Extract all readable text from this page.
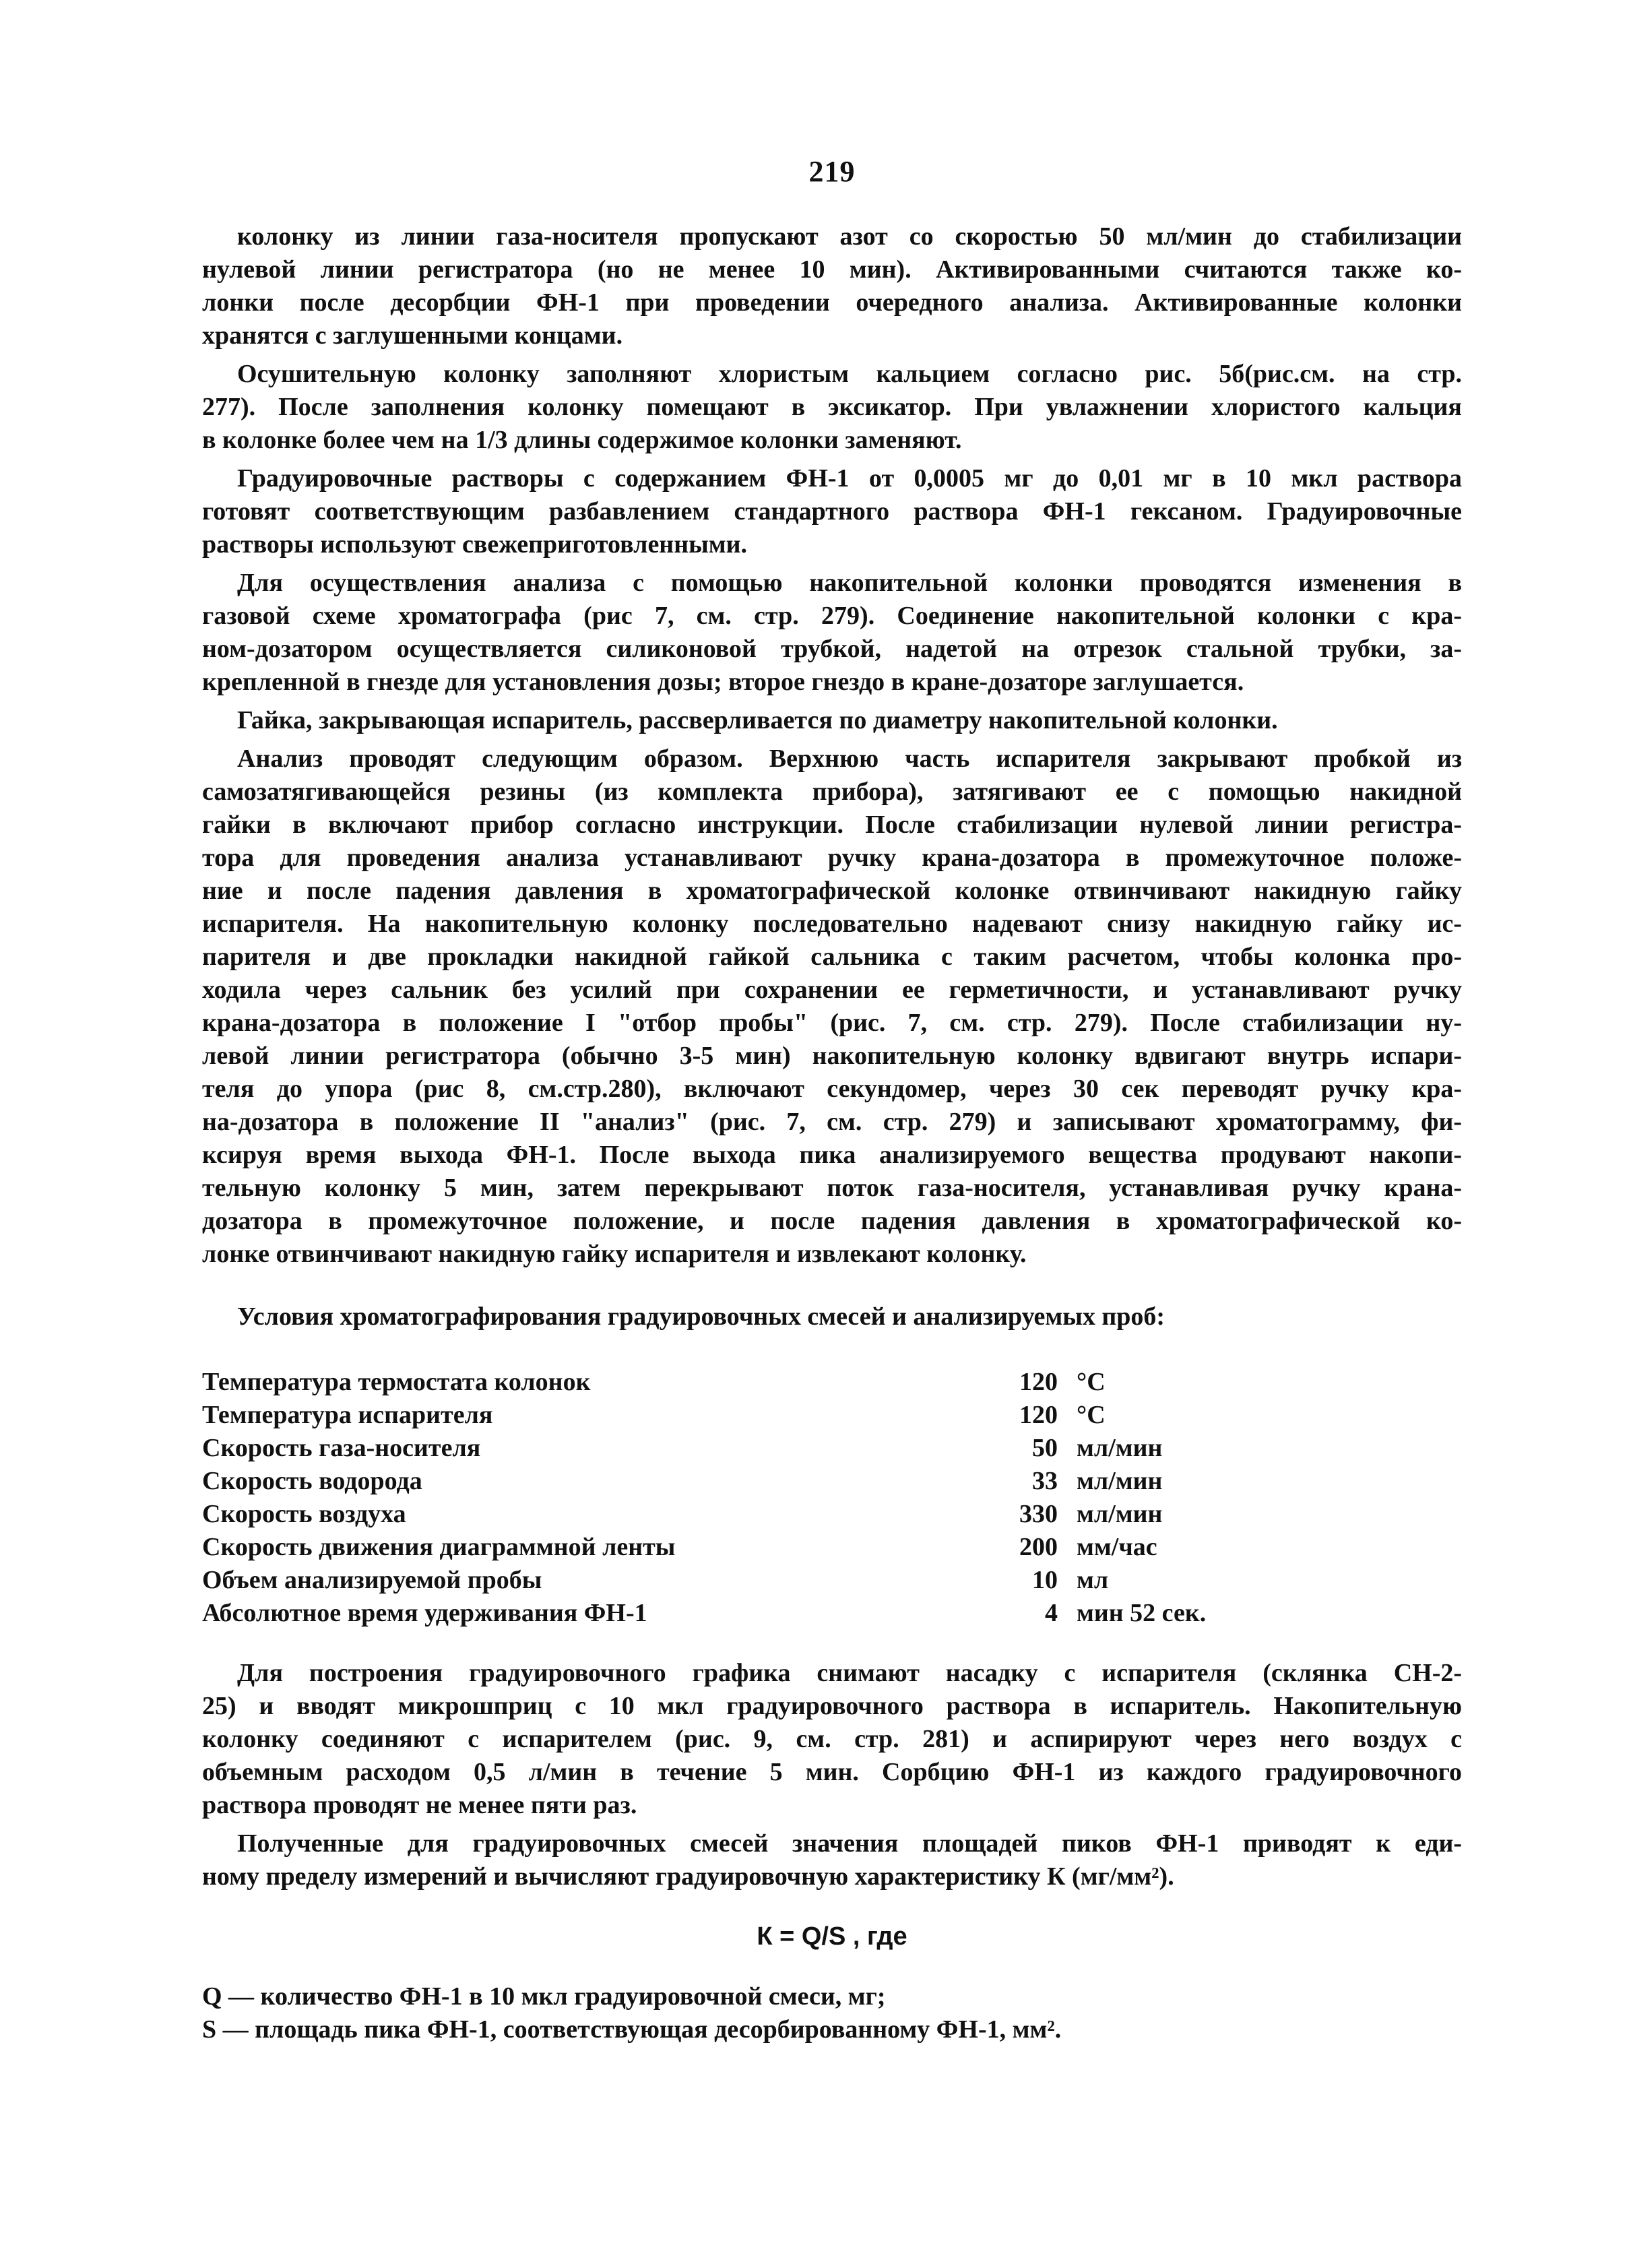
219
колонку из линии газа-носителя пропускают азот со скоростью 50 мл/мин до стабилизации
нулевой линии регистратора (но не менее 10 мин). Активированными считаются также ко-
лонки после десорбции ФН-1 при проведении очередного анализа. Активированные колонки
хранятся с заглушенными концами.
Осушительную колонку заполняют хлористым кальцием согласно рис. 5б(рис.см. на стр.
277). После заполнения колонку помещают в эксикатор. При увлажнении хлористого кальция
в колонке более чем на 1/3 длины содержимое колонки заменяют.
Градуировочные растворы с содержанием ФН-1 от 0,0005 мг до 0,01 мг в 10 мкл раствора
готовят соответствующим разбавлением стандартного раствора ФН-1 гексаном. Градуировочные
растворы используют свежеприготовленными.
Для осуществления анализа с помощью накопительной колонки проводятся изменения в
газовой схеме хроматографа (рис 7, см. стр. 279). Соединение накопительной колонки с кра-
ном-дозатором осуществляется силиконовой трубкой, надетой на отрезок стальной трубки, за-
крепленной в гнезде для установления дозы; второе гнездо в кране-дозаторе заглушается.
Гайка, закрывающая испаритель, рассверливается по диаметру накопительной колонки.
Анализ проводят следующим образом. Верхнюю часть испарителя закрывают пробкой из
самозатягивающейся резины (из комплекта прибора), затягивают ее с помощью накидной
гайки в включают прибор согласно инструкции. После стабилизации нулевой линии регистра-
тора для проведения анализа устанавливают ручку крана-дозатора в промежуточное положе-
ние и после падения давления в хроматографической колонке отвинчивают накидную гайку
испарителя. На накопительную колонку последовательно надевают снизу накидную гайку ис-
парителя и две прокладки накидной гайкой сальника с таким расчетом, чтобы колонка про-
ходила через сальник без усилий при сохранении ее герметичности, и устанавливают ручку
крана-дозатора в положение I "отбор пробы" (рис. 7, см. стр. 279). После стабилизации ну-
левой линии регистратора (обычно 3-5 мин) накопительную колонку вдвигают внутрь испари-
теля до упора (рис 8, см.стр.280), включают секундомер, через 30 сек переводят ручку кра-
на-дозатора в положение II "анализ" (рис. 7, см. стр. 279) и записывают хроматограмму, фи-
ксируя время выхода ФН-1. После выхода пика анализируемого вещества продувают накопи-
тельную колонку 5 мин, затем перекрывают поток газа-носителя, устанавливая ручку крана-
дозатора в промежуточное положение, и после падения давления в хроматографической ко-
лонке отвинчивают накидную гайку испарителя и извлекают колонку.
Условия хроматографирования градуировочных смесей и анализируемых проб:
Температура термостата колонок	120	°С
Температура испарителя	120	°С
Скорость газа-носителя	50	мл/мин
Скорость водорода	33	мл/мин
Скорость воздуха	330	мл/мин
Скорость движения диаграммной ленты	200	мм/час
Объем анализируемой пробы	10	мл
Абсолютное время удерживания ФН-1	4	мин 52 сек.
Для построения градуировочного графика снимают насадку с испарителя (склянка СН-2-
25) и вводят микрошприц с 10 мкл градуировочного раствора в испаритель. Накопительную
колонку соединяют с испарителем (рис. 9, см. стр. 281) и аспирируют через него воздух с
объемным расходом 0,5 л/мин в течение 5 мин. Сорбцию ФН-1 из каждого градуировочного
раствора проводят не менее пяти раз.
Полученные для градуировочных смесей значения площадей пиков ФН-1 приводят к еди-
ному пределу измерений и вычисляют градуировочную характеристику К (мг/мм²).
К = Q/S , где
Q — количество ФН-1 в 10 мкл градуировочной смеси, мг;
S — площадь пика ФН-1, соответствующая десорбированному ФН-1, мм².
